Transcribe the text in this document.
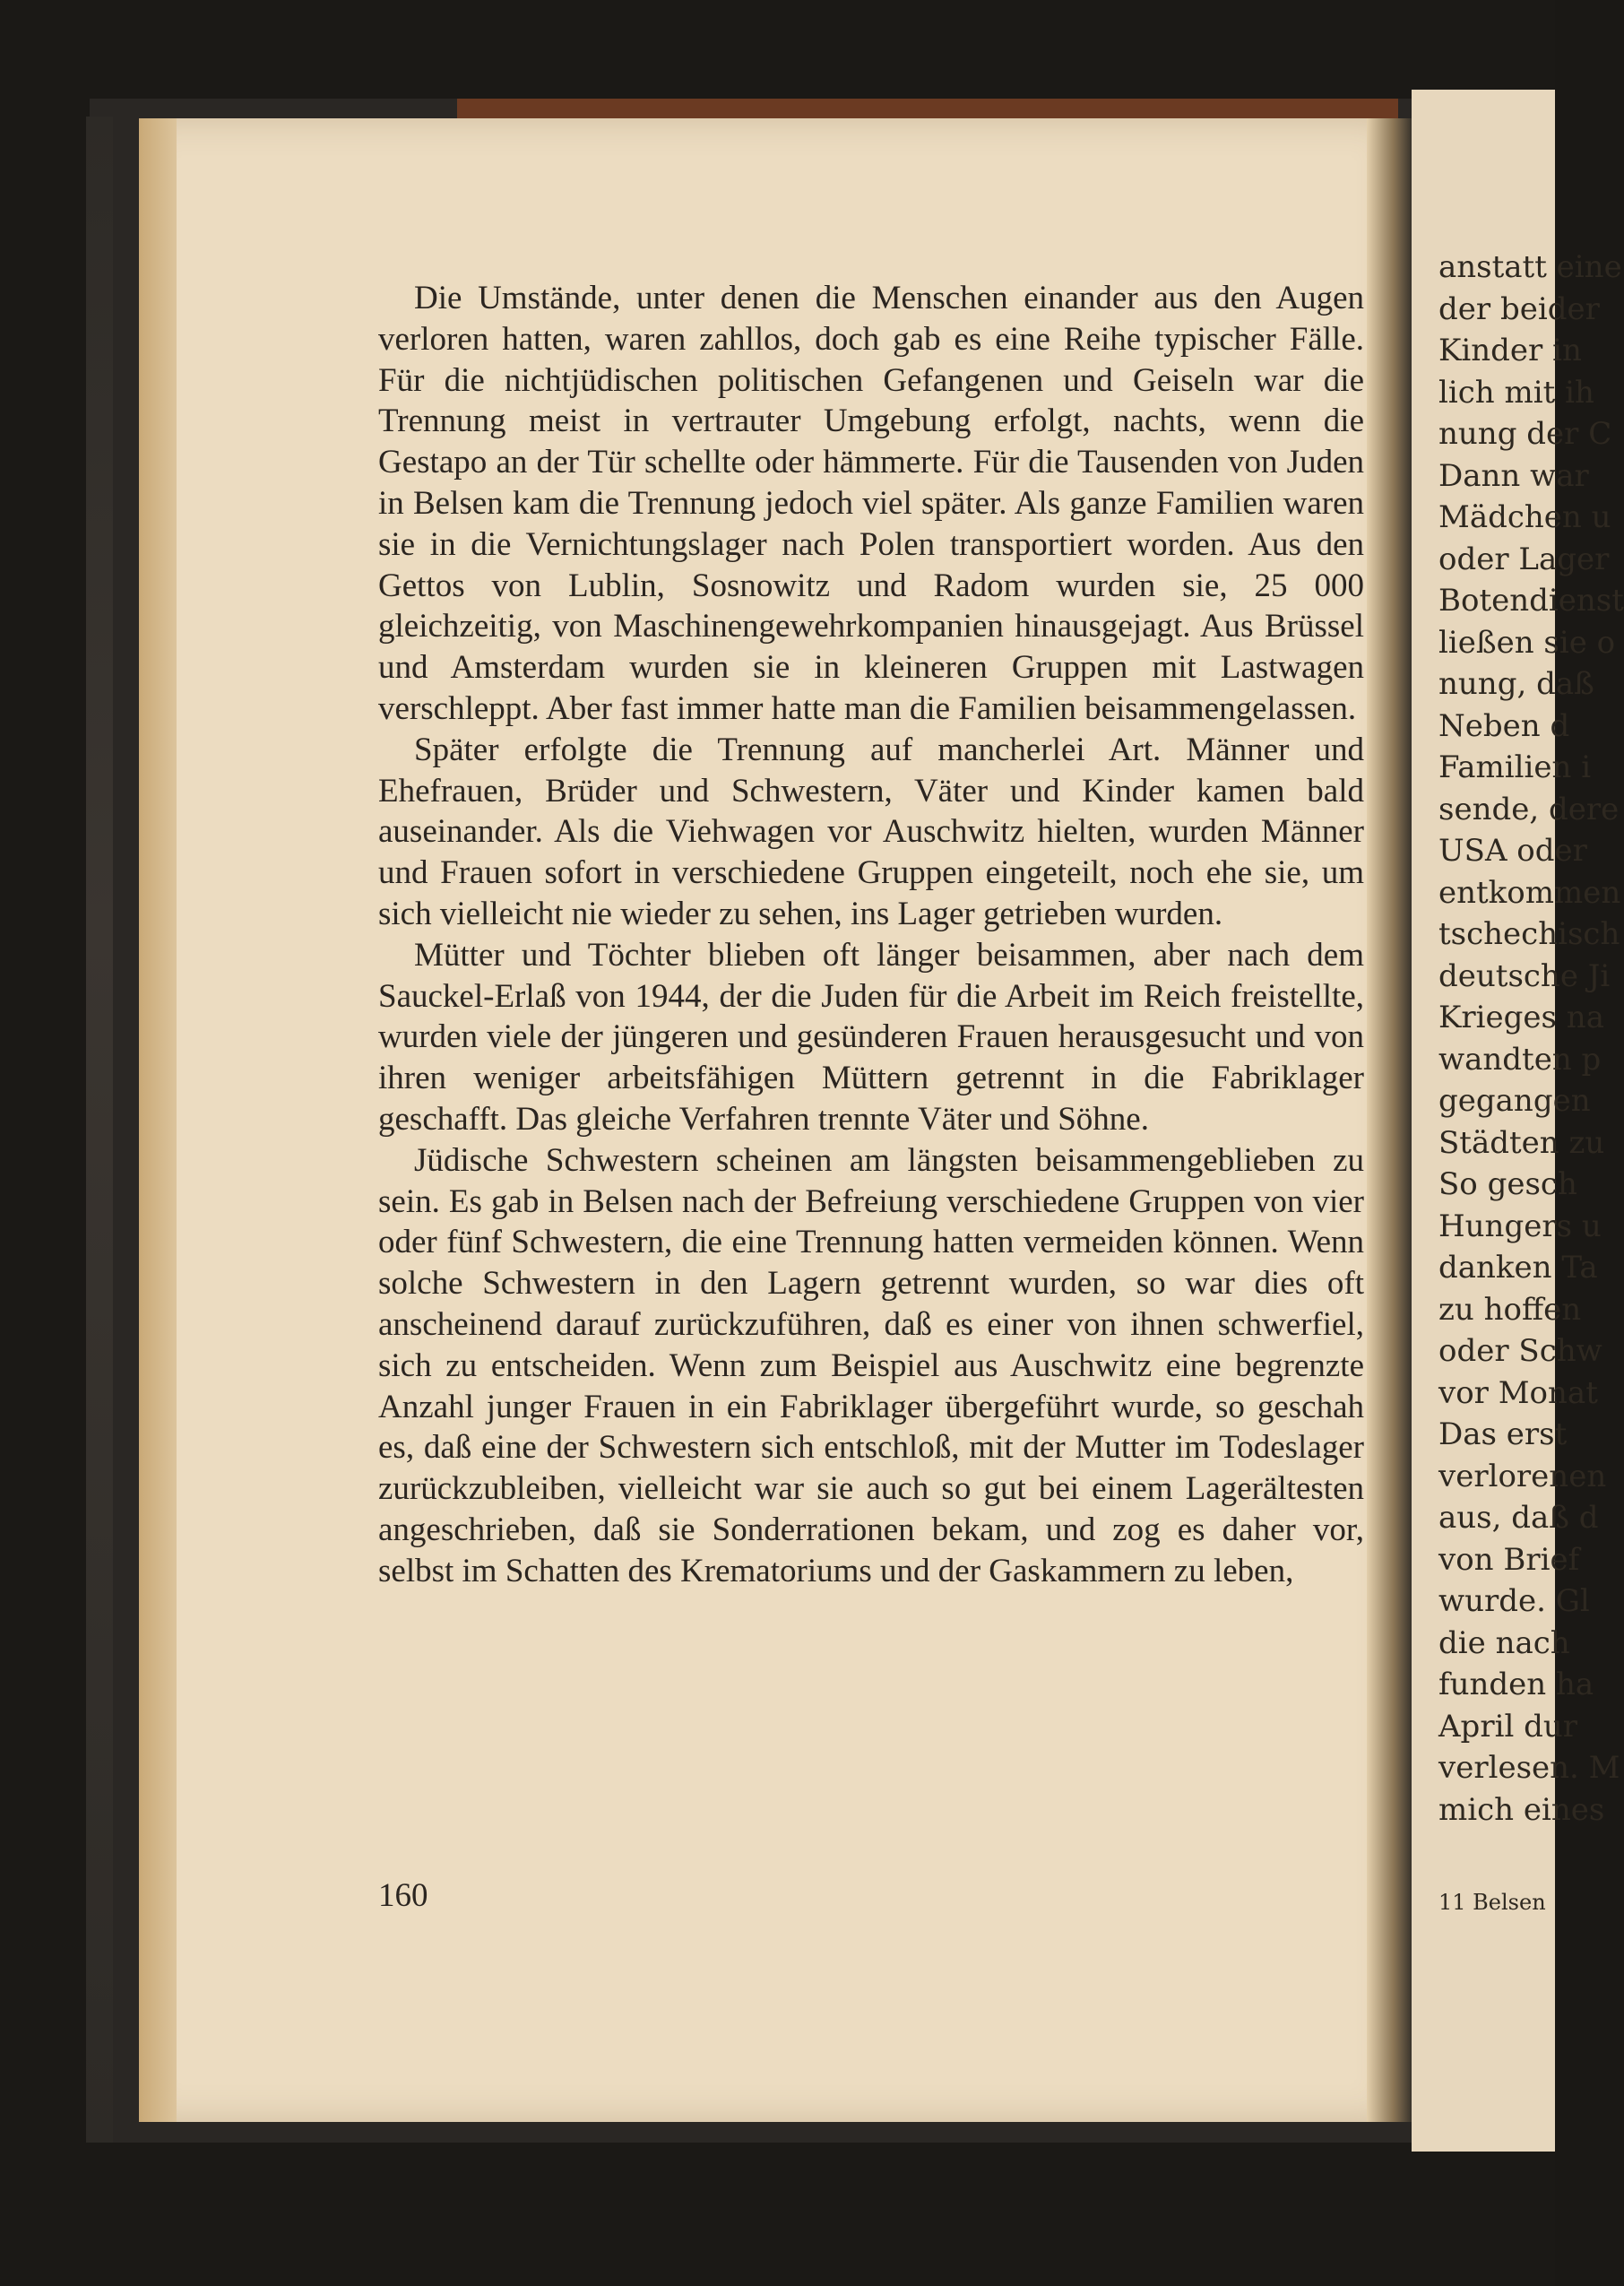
Die Umstände, unter denen die Menschen einander aus den Augen verloren hatten, waren zahllos, doch gab es eine Reihe typischer Fälle. Für die nichtjüdischen politischen Gefangenen und Geiseln war die Trennung meist in vertrauter Umgebung erfolgt, nachts, wenn die Gestapo an der Tür schellte oder hämmerte. Für die Tausenden von Juden in Belsen kam die Trennung jedoch viel später. Als ganze Familien waren sie in die Vernichtungslager nach Polen transportiert worden. Aus den Gettos von Lublin, Sosnowitz und Radom wurden sie, 25 000 gleichzeitig, von Maschinengewehrkompanien hinausgejagt. Aus Brüssel und Amsterdam wurden sie in kleineren Gruppen mit Lastwagen verschleppt. Aber fast immer hatte man die Familien beisammengelassen.

Später erfolgte die Trennung auf mancherlei Art. Männer und Ehefrauen, Brüder und Schwestern, Väter und Kinder kamen bald auseinander. Als die Viehwagen vor Auschwitz hielten, wurden Männer und Frauen sofort in verschiedene Gruppen eingeteilt, noch ehe sie, um sich vielleicht nie wieder zu sehen, ins Lager getrieben wurden.

Mütter und Töchter blieben oft länger beisammen, aber nach dem Sauckel-Erlaß von 1944, der die Juden für die Arbeit im Reich freistellte, wurden viele der jüngeren und gesünderen Frauen herausgesucht und von ihren weniger arbeitsfähigen Müttern getrennt in die Fabriklager geschafft. Das gleiche Verfahren trennte Väter und Söhne.

Jüdische Schwestern scheinen am längsten beisammengeblieben zu sein. Es gab in Belsen nach der Befreiung verschiedene Gruppen von vier oder fünf Schwestern, die eine Trennung hatten vermeiden können. Wenn solche Schwestern in den Lagern getrennt wurden, so war dies oft anscheinend darauf zurückzuführen, daß es einer von ihnen schwerfiel, sich zu entscheiden. Wenn zum Beispiel aus Auschwitz eine begrenzte Anzahl junger Frauen in ein Fabriklager übergeführt wurde, so geschah es, daß eine der Schwestern sich entschloß, mit der Mutter im Todeslager zurückzubleiben, vielleicht war sie auch so gut bei einem Lagerältesten angeschrieben, daß sie Sonderrationen bekam, und zog es daher vor, selbst im Schatten des Krematoriums und der Gaskammern zu leben,

160
anstatt eine
der beider
Kinder in
lich mit ih
nung der C
Dann war
Mädchen u
oder Lager
Botendienst
ließen sie o
nung, daß
Neben d
Familien i
sende, dere
USA oder
entkommen
tschechisch
deutsche Ji
Krieges na
wandten p
gegangen
Städten zu
So gesch
Hungers u
danken Ta
zu hoffen
oder Schw
vor Monat
Das erst
verlorenen
aus, daß d
von Brief
wurde. Gl
die nach
funden ha
April dur
verlesen. M
mich eines
11 Belsen
